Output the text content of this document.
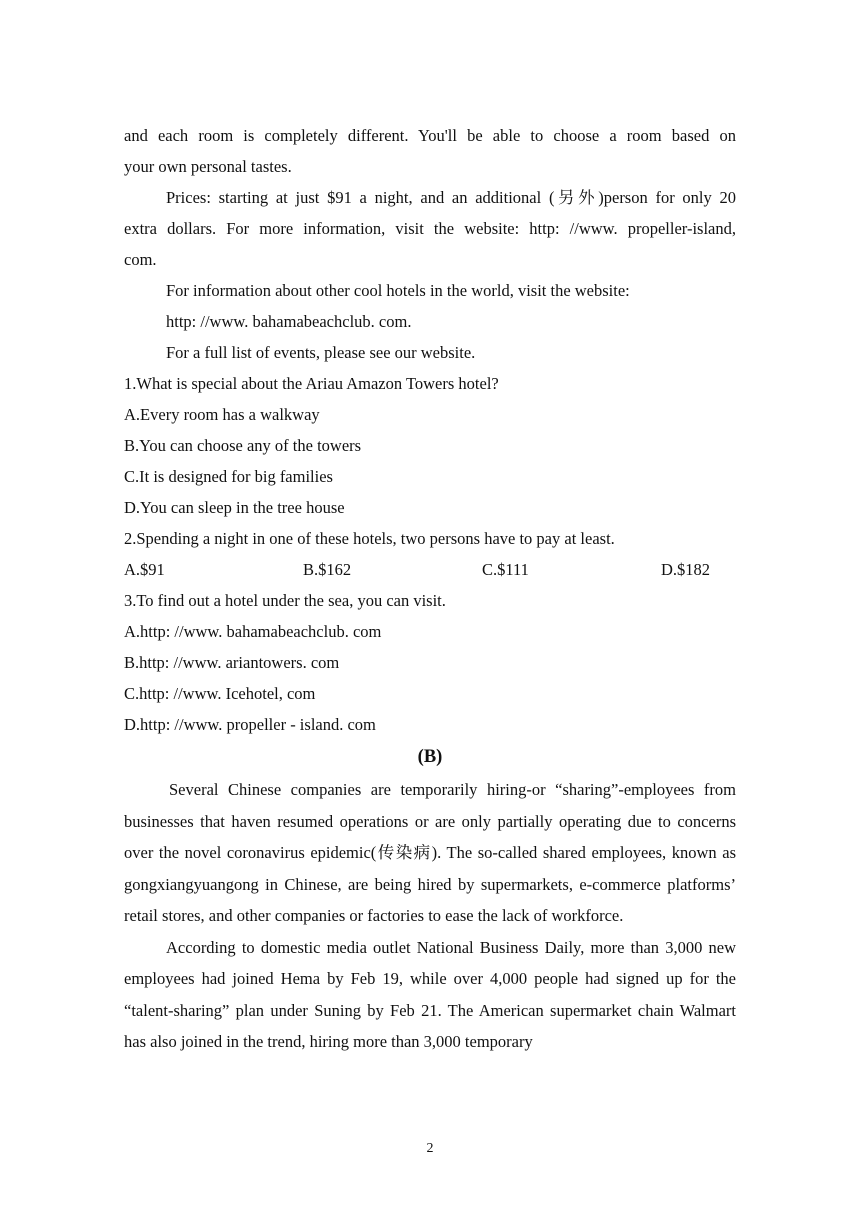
and each room is completely different. You'll be able to choose a room based on
your own personal tastes.
Prices: starting at just $91 a night, and an additional (另外)person for only 20
extra dollars. For more information, visit the website: http: //www. propeller-island,
com.
For information about other cool hotels in the world, visit the website:
http: //www. bahamabeachclub. com.
For a full list of events, please see our website.
1.What is special about the Ariau Amazon Towers hotel?
A.Every room has a walkway
B.You can choose any of the towers
C.It is designed for big families
D.You can sleep in the tree house
2.Spending a night in one of these hotels, two persons have to pay at least.
A.$91	B.$162	C.$111	D.$182
3.To find out a hotel under the sea, you can visit.
A.http: //www. bahamabeachclub. com
B.http: //www. ariantowers. com
C.http: //www. Icehotel, com
D.http: //www. propeller - island. com
(B)

Several Chinese companies are temporarily hiring-or “sharing”-employees from businesses that haven resumed operations or are only partially operating due to concerns over the novel coronavirus epidemic(传染病). The so-called shared employees, known as gongxiangyuangong in Chinese, are being hired by supermarkets, e-commerce platforms’ retail stores, and other companies or factories to ease the lack of workforce.

According to domestic media outlet National Business Daily, more than 3,000 new employees had joined Hema by Feb 19, while over 4,000 people had signed up for the “talent-sharing” plan under Suning by Feb 21. The American supermarket chain Walmart has also joined in the trend, hiring more than 3,000 temporary

2
